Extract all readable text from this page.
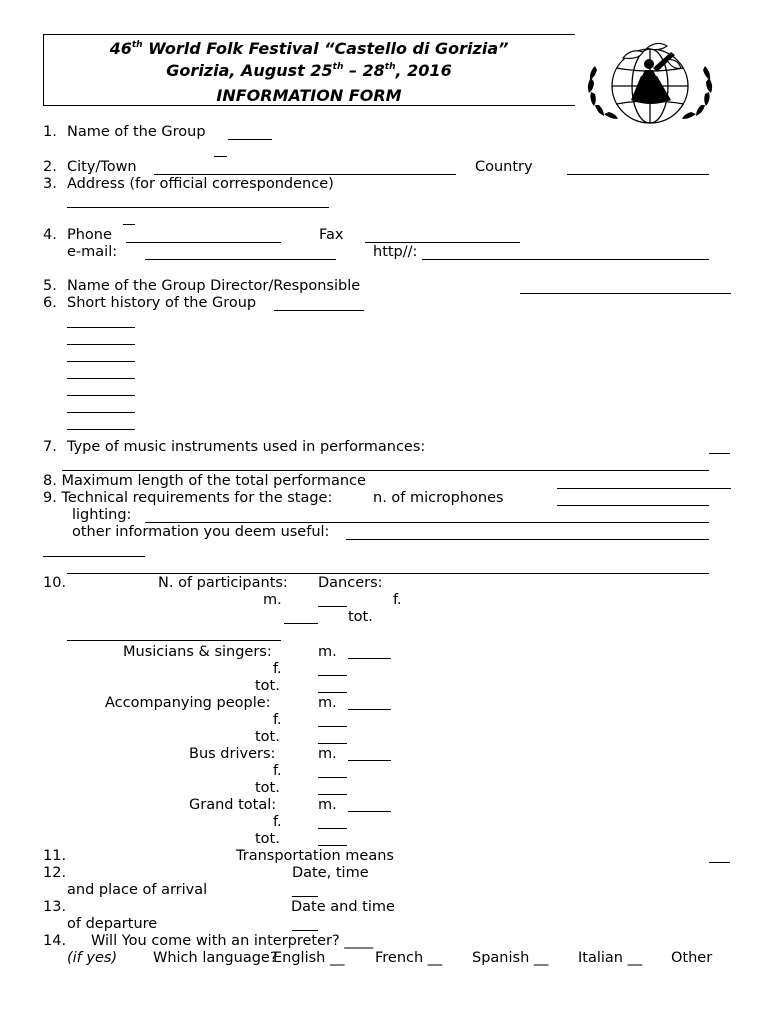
46th World Folk Festival “Castello di Gorizia”
Gorizia, August 25th – 28th, 2016
INFORMATION FORM
1. Name of the Group
2. City/Town	Country
3. Address (for official correspondence)
4. Phone	Fax
e-mail:	http//:
5. Name of the Group Director/Responsible
6. Short history of the Group
7. Type of music instruments used in performances:
8. Maximum length of the total performance
9. Technical requirements for the stage:	n. of microphones
lighting:
other information you deem useful:
10.	N. of participants: Dancers:
m.	f.
tot.
Musicians & singers:	m.
f.
tot.
Accompanying people:	m.
f.
tot.
Bus drivers:	m.
f.
tot.
Grand total:	m.
f.
tot.
11.	Transportation means
12.	Date, time
and place of arrival
13.	Date and time
of departure
14. Will You come with an interpreter? ____
(if yes) Which language?
English __ French __ Spanish __ Italian __ Other
